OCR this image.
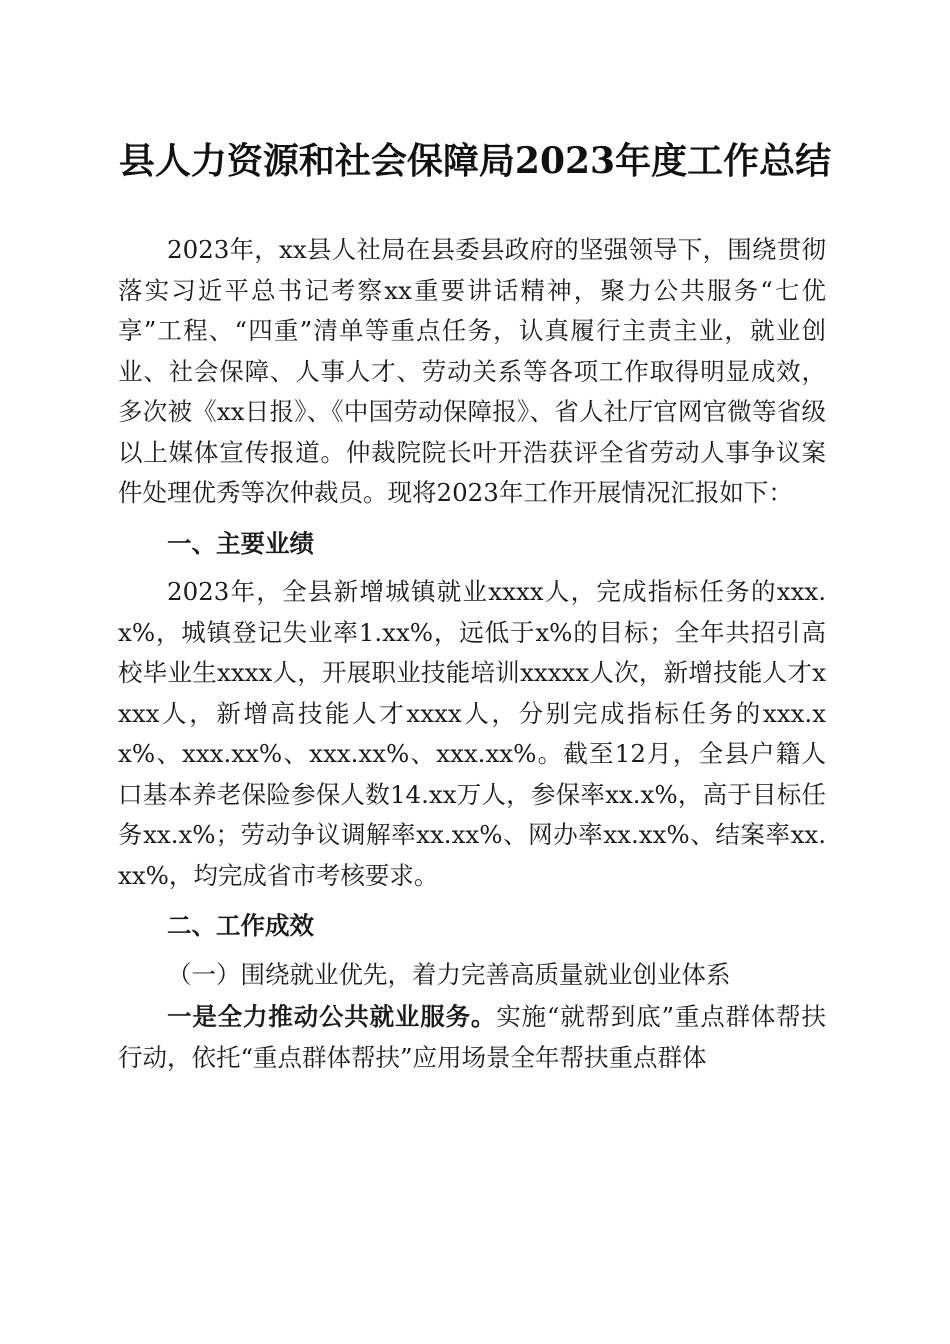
县人力资源和社会保障局2023年度工作总结

2023年，xx县人社局在县委县政府的坚强领导下，围绕贯彻落实习近平总书记考察xx重要讲话精神，聚力公共服务“七优享”工程、“四重”清单等重点任务，认真履行主责主业，就业创业、社会保障、人事人才、劳动关系等各项工作取得明显成效，多次被《xx日报》、《中国劳动保障报》、省人社厅官网官微等省级以上媒体宣传报道。仲裁院院长叶开浩获评全省劳动人事争议案件处理优秀等次仲裁员。现将2023年工作开展情况汇报如下：

一、主要业绩

2023年，全县新增城镇就业xxxx人，完成指标任务的xxx.x%，城镇登记失业率1.xx%，远低于x%的目标；全年共招引高校毕业生xxxx人，开展职业技能培训xxxxx人次，新增技能人才xxxx人，新增高技能人才xxxx人，分别完成指标任务的xxx.xx%、xxx.xx%、xxx.xx%、xxx.xx%。截至12月，全县户籍人口基本养老保险参保人数14.xx万人，参保率xx.x%，高于目标任务xx.x%；劳动争议调解率xx.xx%、网办率xx.xx%、结案率xx.xx%，均完成省市考核要求。

二、工作成效

（一）围绕就业优先，着力完善高质量就业创业体系

一是全力推动公共就业服务。实施“就帮到底”重点群体帮扶行动，依托“重点群体帮扶”应用场景全年帮扶重点群体
